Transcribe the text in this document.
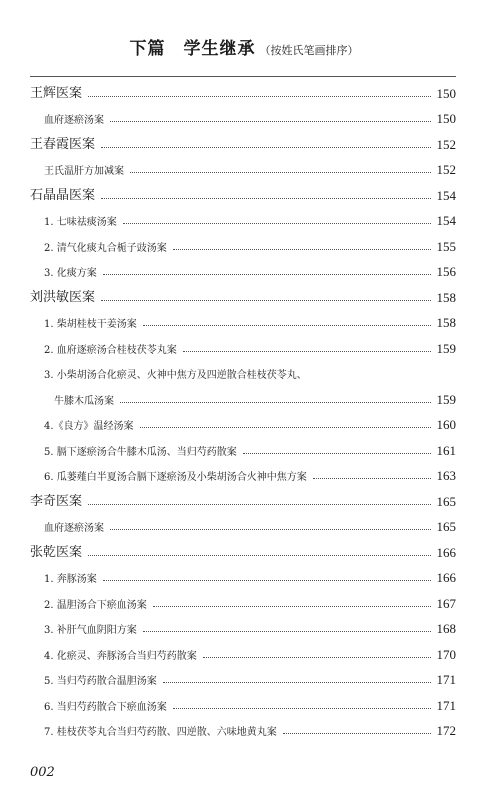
下篇　学生继承 （按姓氏笔画排序）
王辉医案	150
血府逐瘀汤案	150
王春霞医案	152
王氏温肝方加减案	152
石晶晶医案	154
1. 七味祛痰汤案	154
2. 清气化痰丸合栀子豉汤案	155
3. 化痰方案	156
刘洪敏医案	158
1. 柴胡桂枝干姜汤案	158
2. 血府逐瘀汤合桂枝茯苓丸案	159
3. 小柴胡汤合化瘀灵、火神中焦方及四逆散合桂枝茯苓丸、
　牛膝木瓜汤案	159
4.《良方》温经汤案	160
5. 膈下逐瘀汤合牛膝木瓜汤、当归芍药散案	161
6. 瓜蒌薤白半夏汤合膈下逐瘀汤及小柴胡汤合火神中焦方案	163
李奇医案	165
血府逐瘀汤案	165
张乾医案	166
1. 奔豚汤案	166
2. 温胆汤合下瘀血汤案	167
3. 补肝气血阴阳方案	168
4. 化瘀灵、奔豚汤合当归芍药散案	170
5. 当归芍药散合温胆汤案	171
6. 当归芍药散合下瘀血汤案	171
7. 桂枝茯苓丸合当归芍药散、四逆散、六味地黄丸案	172
002
